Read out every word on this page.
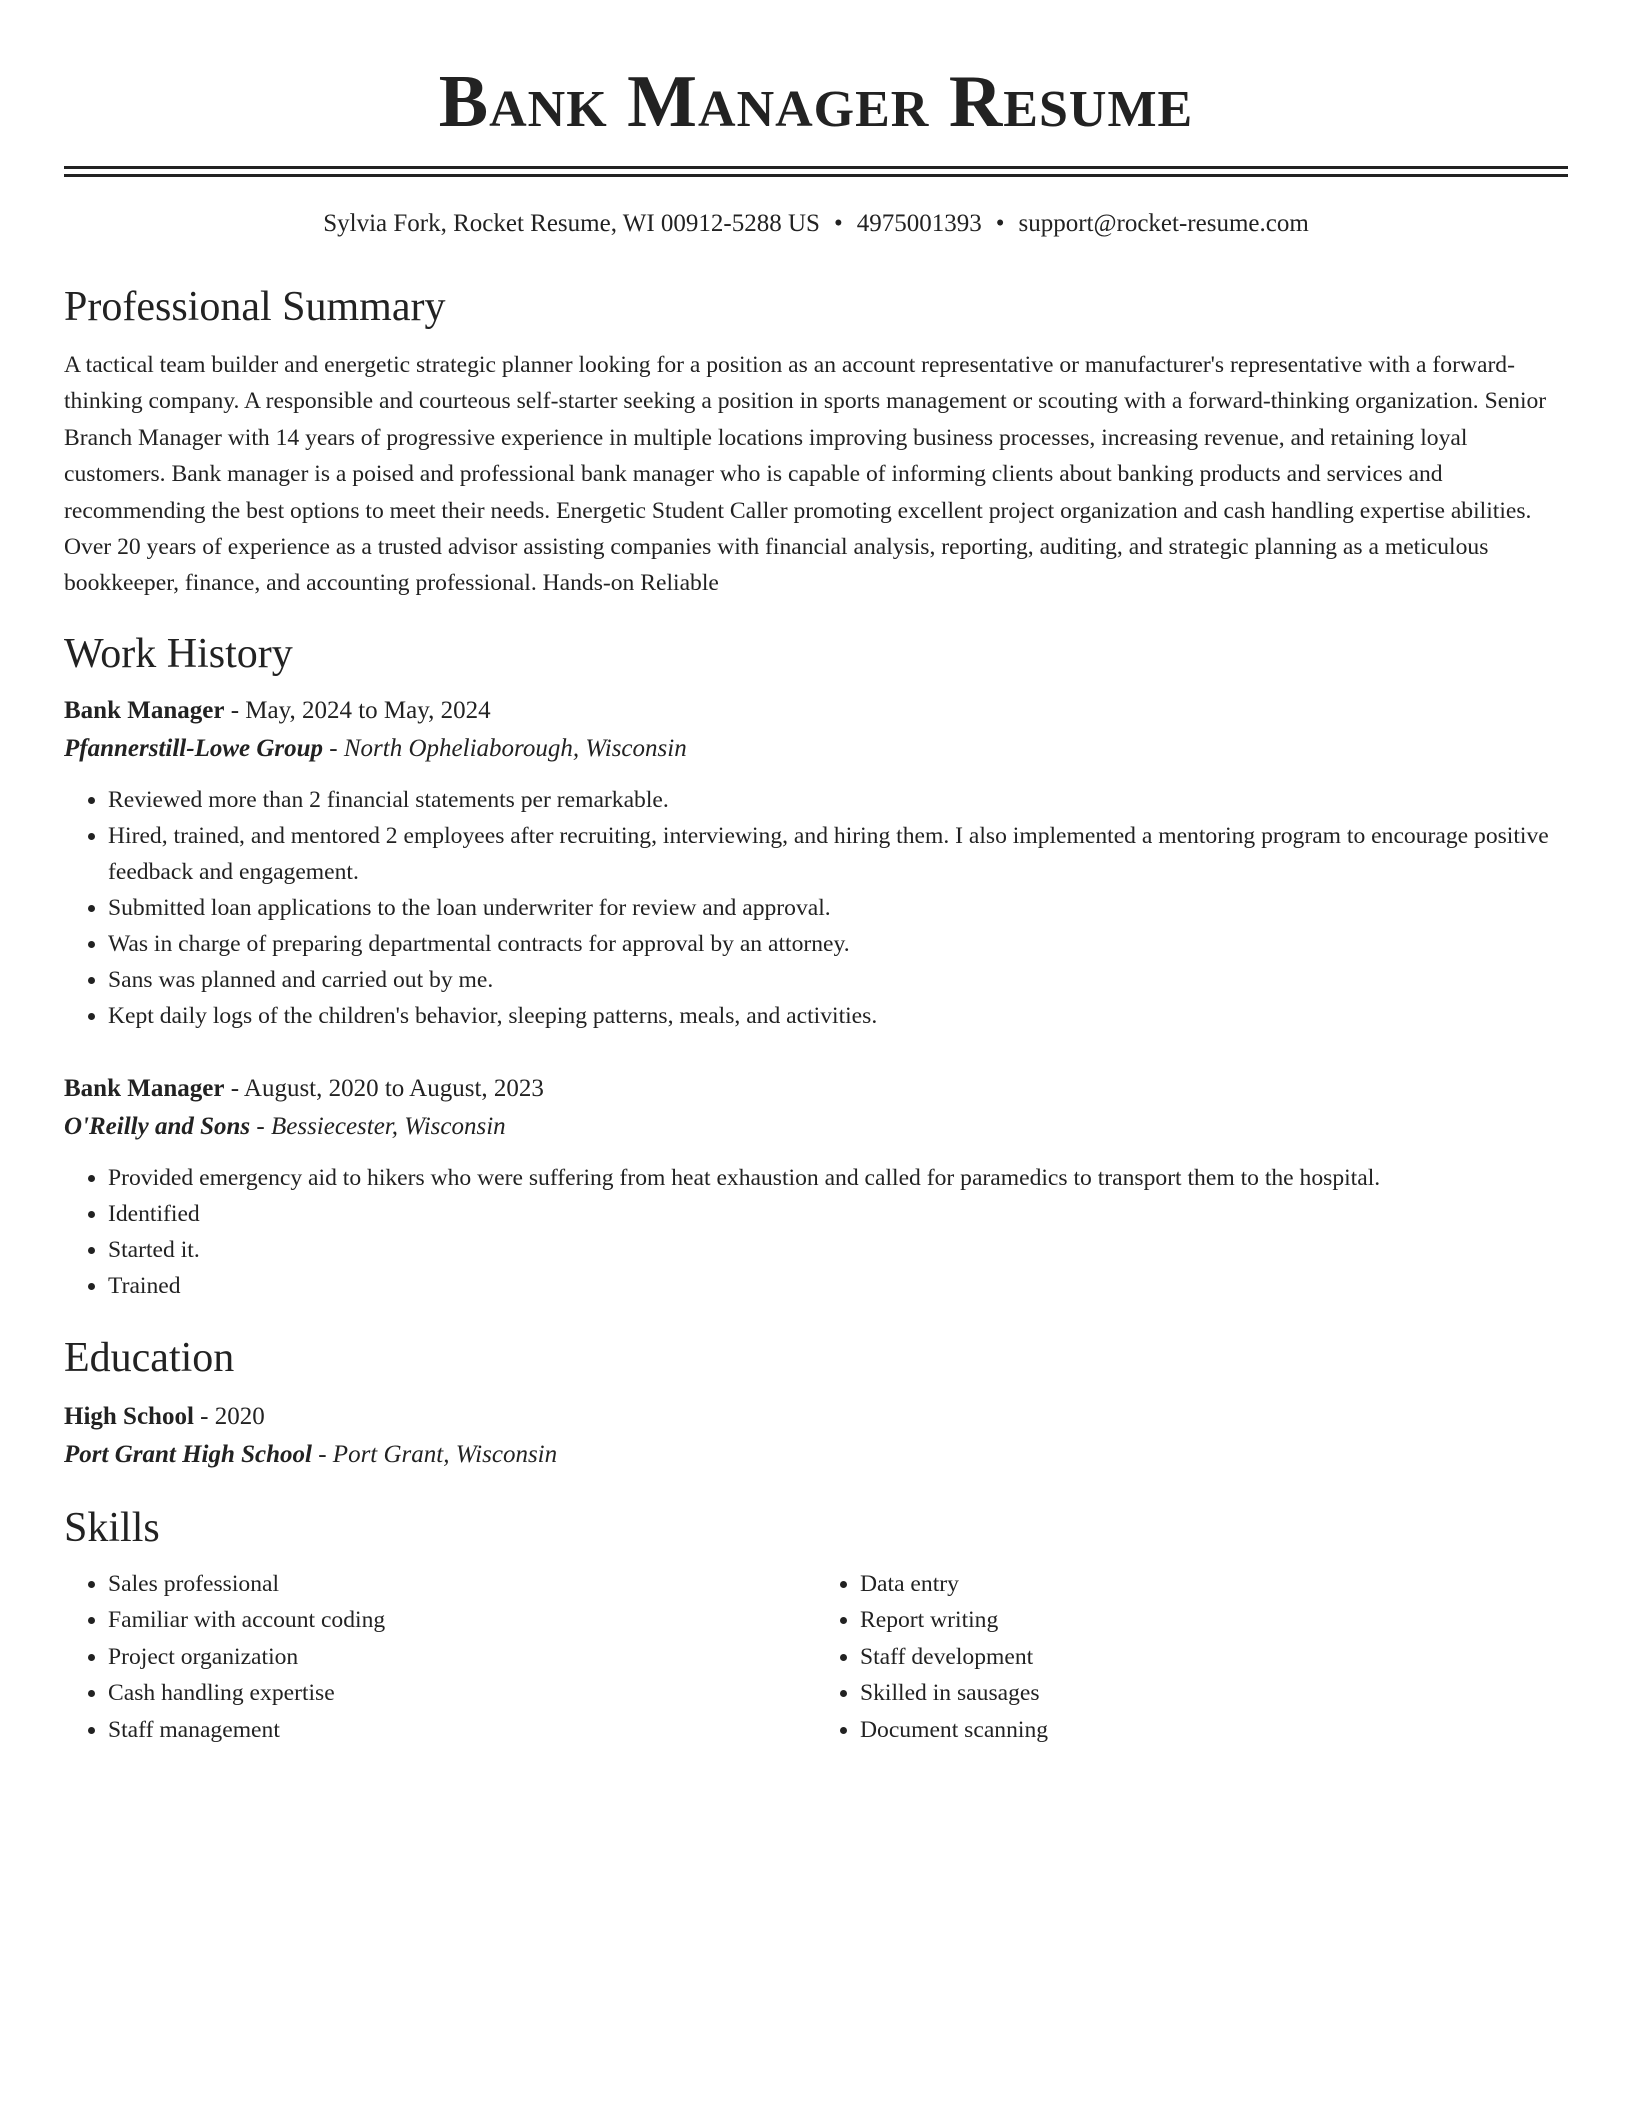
Bank Manager Resume
Sylvia Fork, Rocket Resume, WI 00912-5288 US • 4975001393 • support@rocket-resume.com
Professional Summary

A tactical team builder and energetic strategic planner looking for a position as an account representative or manufacturer's representative with a forward-thinking company. A responsible and courteous self-starter seeking a position in sports management or scouting with a forward-thinking organization. Senior Branch Manager with 14 years of progressive experience in multiple locations improving business processes, increasing revenue, and retaining loyal customers. Bank manager is a poised and professional bank manager who is capable of informing clients about banking products and services and recommending the best options to meet their needs. Energetic Student Caller promoting excellent project organization and cash handling expertise abilities. Over 20 years of experience as a trusted advisor assisting companies with financial analysis, reporting, auditing, and strategic planning as a meticulous bookkeeper, finance, and accounting professional. Hands-on Reliable

Work History

Bank Manager - May, 2024 to May, 2024

Pfannerstill-Lowe Group - North Opheliaborough, Wisconsin

• Reviewed more than 2 financial statements per remarkable.
• Hired, trained, and mentored 2 employees after recruiting, interviewing, and hiring them. I also implemented a mentoring program to encourage positive feedback and engagement.
• Submitted loan applications to the loan underwriter for review and approval.
• Was in charge of preparing departmental contracts for approval by an attorney.
• Sans was planned and carried out by me.
• Kept daily logs of the children's behavior, sleeping patterns, meals, and activities.

Bank Manager - August, 2020 to August, 2023

O'Reilly and Sons - Bessiecester, Wisconsin

• Provided emergency aid to hikers who were suffering from heat exhaustion and called for paramedics to transport them to the hospital.
• Identified
• Started it.
• Trained
Education

High School - 2020

Port Grant High School - Port Grant, Wisconsin

Skills
• Sales professional
• Familiar with account coding
• Project organization
• Cash handling expertise
• Staff management
• Data entry
• Report writing
• Staff development
• Skilled in sausages
• Document scanning
